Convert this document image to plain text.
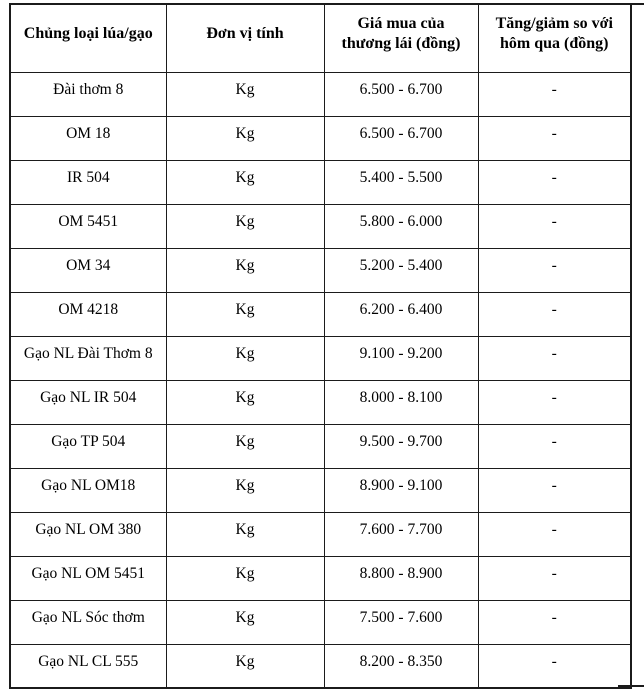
Chủng loại lúa/gạo	Đơn vị tính	Giá mua của thương lái (đồng)	Tăng/giảm so với hôm qua (đồng)
Đài thơm 8	Kg	6.500 - 6.700	-
OM 18	Kg	6.500 - 6.700	-
IR 504	Kg	5.400 - 5.500	-
OM 5451	Kg	5.800 - 6.000	-
OM 34	Kg	5.200 - 5.400	-
OM 4218	Kg	6.200 - 6.400	-
Gạo NL Đài Thơm 8	Kg	9.100 - 9.200	-
Gạo NL IR 504	Kg	8.000 - 8.100	-
Gạo TP 504	Kg	9.500 - 9.700	-
Gạo NL OM18	Kg	8.900 - 9.100	-
Gạo NL OM 380	Kg	7.600 - 7.700	-
Gạo NL OM 5451	Kg	8.800 - 8.900	-
Gạo NL Sóc thơm	Kg	7.500 - 7.600	-
Gạo NL CL 555	Kg	8.200 - 8.350	-
